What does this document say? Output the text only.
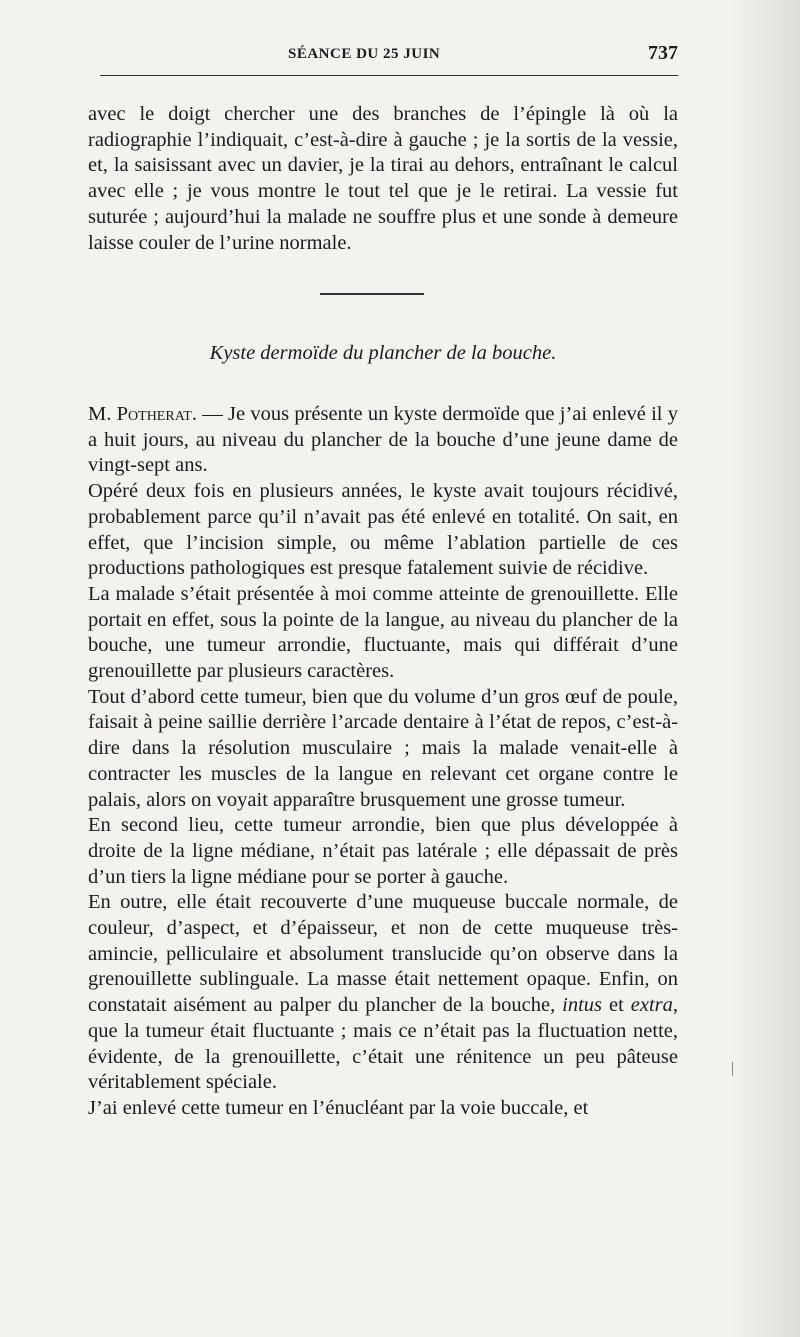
SÉANCE DU 25 JUIN	737

avec le doigt chercher une des branches de l’épingle là où la radiographie l’indiquait, c’est-à-dire à gauche ; je la sortis de la vessie, et, la saisissant avec un davier, je la tirai au dehors, entraînant le calcul avec elle ; je vous montre le tout tel que je le retirai. La vessie fut suturée ; aujourd’hui la malade ne souffre plus et une sonde à demeure laisse couler de l’urine normale.

Kyste dermoïde du plancher de la bouche.

M. Potherat. — Je vous présente un kyste dermoïde que j’ai enlevé il y a huit jours, au niveau du plancher de la bouche d’une jeune dame de vingt-sept ans.

Opéré deux fois en plusieurs années, le kyste avait toujours récidivé, probablement parce qu’il n’avait pas été enlevé en totalité. On sait, en effet, que l’incision simple, ou même l’ablation partielle de ces productions pathologiques est presque fatalement suivie de récidive.

La malade s’était présentée à moi comme atteinte de grenouillette. Elle portait en effet, sous la pointe de la langue, au niveau du plancher de la bouche, une tumeur arrondie, fluctuante, mais qui différait d’une grenouillette par plusieurs caractères.

Tout d’abord cette tumeur, bien que du volume d’un gros œuf de poule, faisait à peine saillie derrière l’arcade dentaire à l’état de repos, c’est-à-dire dans la résolution musculaire ; mais la malade venait-elle à contracter les muscles de la langue en relevant cet organe contre le palais, alors on voyait apparaître brusquement une grosse tumeur.

En second lieu, cette tumeur arrondie, bien que plus développée à droite de la ligne médiane, n’était pas latérale ; elle dépassait de près d’un tiers la ligne médiane pour se porter à gauche.

En outre, elle était recouverte d’une muqueuse buccale normale, de couleur, d’aspect, et d’épaisseur, et non de cette muqueuse très-amincie, pelliculaire et absolument translucide qu’on observe dans la grenouillette sublinguale. La masse était nettement opaque. Enfin, on constatait aisément au palper du plancher de la bouche, intus et extra, que la tumeur était fluctuante ; mais ce n’était pas la fluctuation nette, évidente, de la grenouillette, c’était une rénitence un peu pâteuse véritablement spéciale.

J’ai enlevé cette tumeur en l’énucléant par la voie buccale, et
